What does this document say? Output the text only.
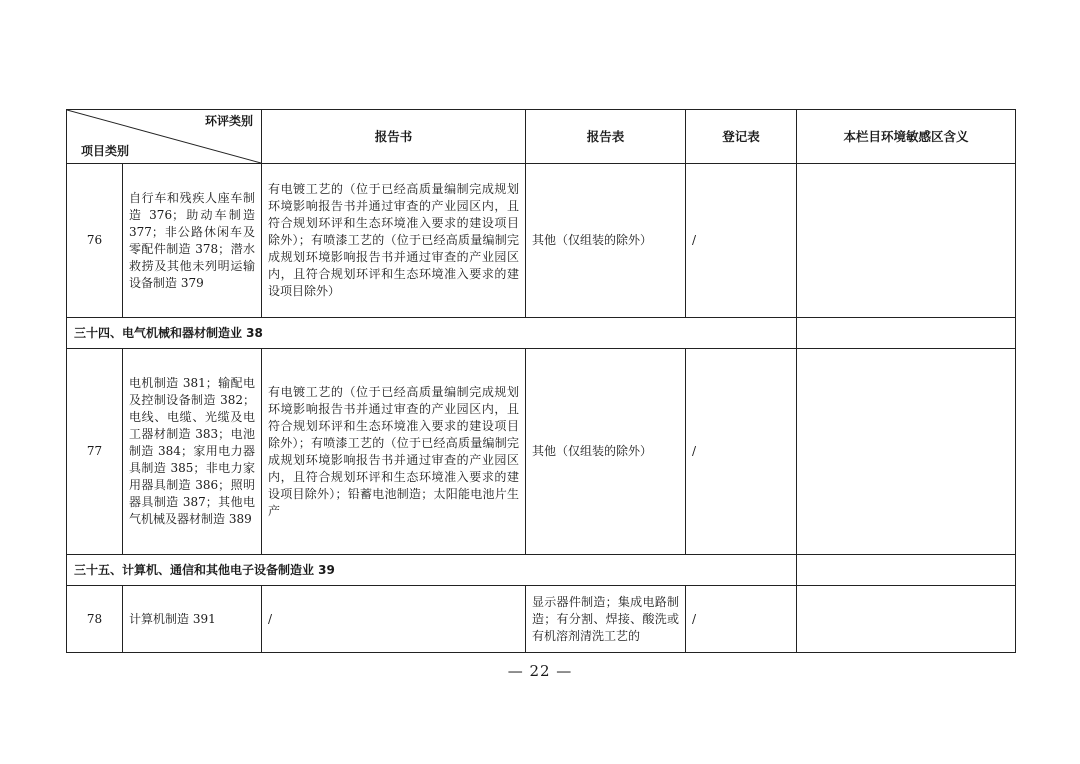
环评类别
项目类别		报告书	报告表	登记表	本栏目环境敏感区含义
76	自行车和残疾人座车制造 376；助动车制造 377；非公路休闲车及零配件制造 378；潜水救捞及其他未列明运输设备制造 379	有电镀工艺的（位于已经高质量编制完成规划环境影响报告书并通过审查的产业园区内，且符合规划环评和生态环境准入要求的建设项目除外）；有喷漆工艺的（位于已经高质量编制完成规划环境影响报告书并通过审查的产业园区内，且符合规划环评和生态环境准入要求的建设项目除外）	其他（仅组装的除外）	/	
三十四、电气机械和器材制造业 38					
77	电机制造 381；输配电及控制设备制造 382；电线、电缆、光缆及电工器材制造 383；电池制造 384；家用电力器具制造 385；非电力家用器具制造 386；照明器具制造 387；其他电气机械及器材制造 389	有电镀工艺的（位于已经高质量编制完成规划环境影响报告书并通过审查的产业园区内，且符合规划环评和生态环境准入要求的建设项目除外）；有喷漆工艺的（位于已经高质量编制完成规划环境影响报告书并通过审查的产业园区内，且符合规划环评和生态环境准入要求的建设项目除外）；铅蓄电池制造；太阳能电池片生产	其他（仅组装的除外）	/	
三十五、计算机、通信和其他电子设备制造业 39					
78	计算机制造 391	/	显示器件制造；集成电路制造；有分割、焊接、酸洗或有机溶剂清洗工艺的	/	
— 22 —
